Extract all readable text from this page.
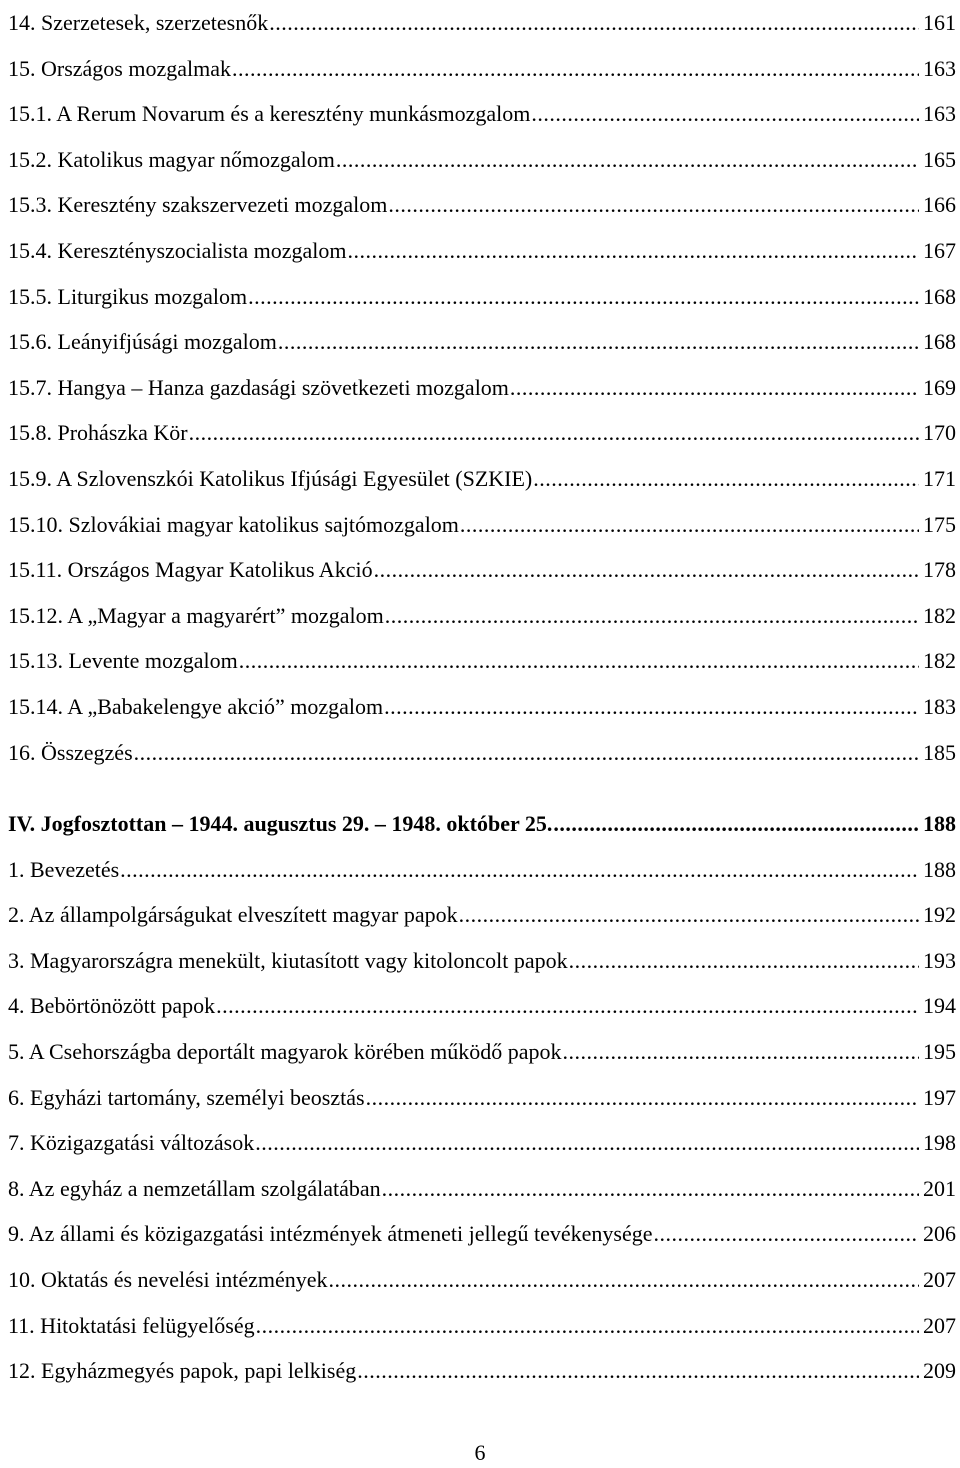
14. Szerzetesek, szerzetesnők .....	161
15. Országos mozgalmak .....	163
15.1. A Rerum Novarum és a keresztény munkásmozgalom .....	163
15.2. Katolikus magyar nőmozgalom .....	165
15.3. Keresztény szakszervezeti mozgalom .....	166
15.4. Keresztényszocialista mozgalom .....	167
15.5. Liturgikus mozgalom .....	168
15.6. Leányifjúsági mozgalom .....	168
15.7. Hangya – Hanza gazdasági szövetkezeti mozgalom .....	169
15.8. Prohászka Kör .....	170
15.9. A Szlovenszkói Katolikus Ifjúsági Egyesület (SZKIE) .....	171
15.10. Szlovákiai magyar katolikus sajtómozgalom .....	175
15.11. Országos Magyar Katolikus Akció .....	178
15.12. A „Magyar a magyarért” mozgalom .....	182
15.13. Levente mozgalom .....	182
15.14. A „Babakelengye akció” mozgalom .....	183
16. Összegzés .....	185
IV. Jogfosztottan – 1944. augusztus 29. – 1948. október 25. .....	188
1. Bevezetés .....	188
2. Az állampolgárságukat elveszített magyar papok .....	192
3. Magyarországra menekült, kiutasított vagy kitoloncolt papok .....	193
4. Bebörtönözött papok .....	194
5. A Csehországba deportált magyarok körében működő papok .....	195
6. Egyházi tartomány, személyi beosztás .....	197
7. Közigazgatási változások .....	198
8. Az egyház a nemzetállam szolgálatában .....	201
9. Az állami és közigazgatási intézmények átmeneti jellegű tevékenysége .....	206
10. Oktatás és nevelési intézmények .....	207
11. Hitoktatási felügyelőség .....	207
12. Egyházmegyés papok, papi lelkiség .....	209
6
